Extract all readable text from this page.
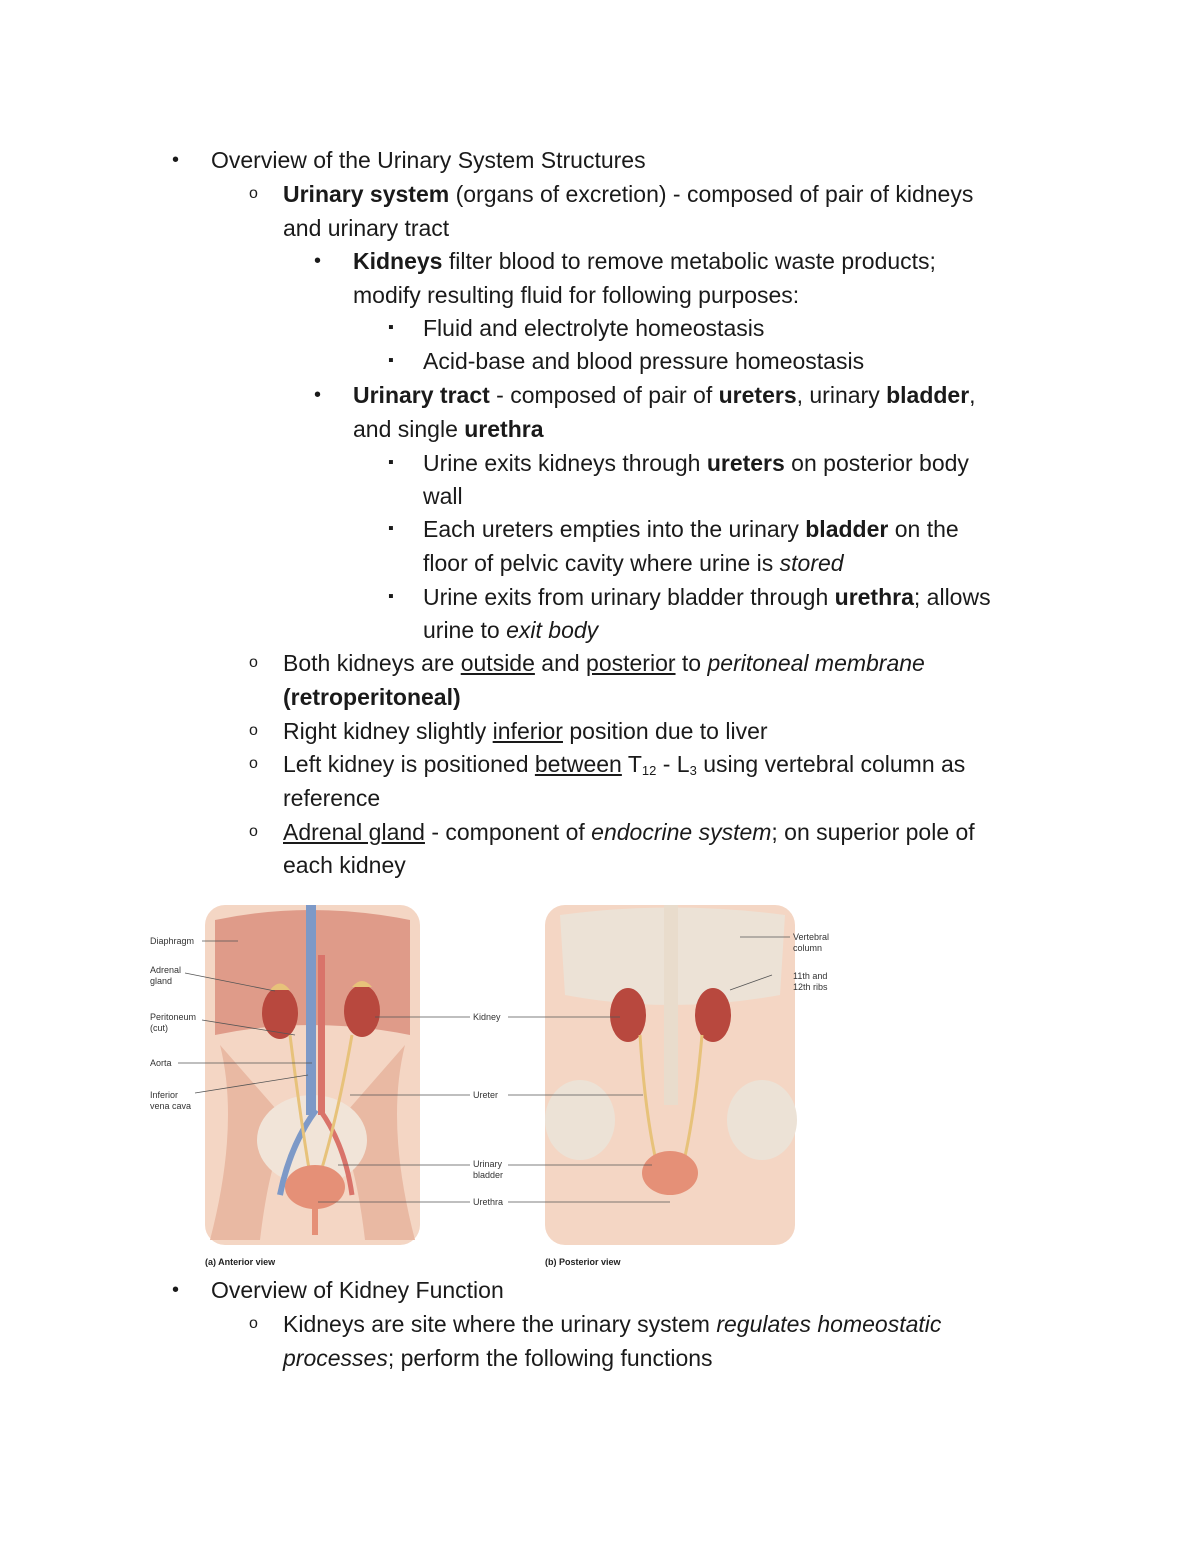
• Overview of the Urinary System Structures
o Urinary system (organs of excretion) - composed of pair of kidneys
and urinary tract
• Kidneys filter blood to remove metabolic waste products;
modify resulting fluid for following purposes:
▪ Fluid and electrolyte homeostasis
▪ Acid-base and blood pressure homeostasis
• Urinary tract - composed of pair of ureters, urinary bladder,
and single urethra
▪ Urine exits kidneys through ureters on posterior body
wall
▪ Each ureters empties into the urinary bladder on the
floor of pelvic cavity where urine is stored
▪ Urine exits from urinary bladder through urethra; allows
urine to exit body
o Both kidneys are outside and posterior to peritoneal membrane
(retroperitoneal)
o Right kidney slightly inferior position due to liver
o Left kidney is positioned between $T_{12} - L_3$ using vertebral column as
reference
o Adrenal gland - component of endocrine system; on superior pole of
each kidney
Diaphragm
Adrenal
gland
Peritoneum
(cut)
Aorta
Inferior
vena cava
Kidney
Ureter
Urinary
bladder
Urethra
Vertebral
column
11th and
12th ribs
(a) Anterior view	(b) Posterior view
• Overview of Kidney Function
o Kidneys are site where the urinary system regulates homeostatic
processes; perform the following functions
